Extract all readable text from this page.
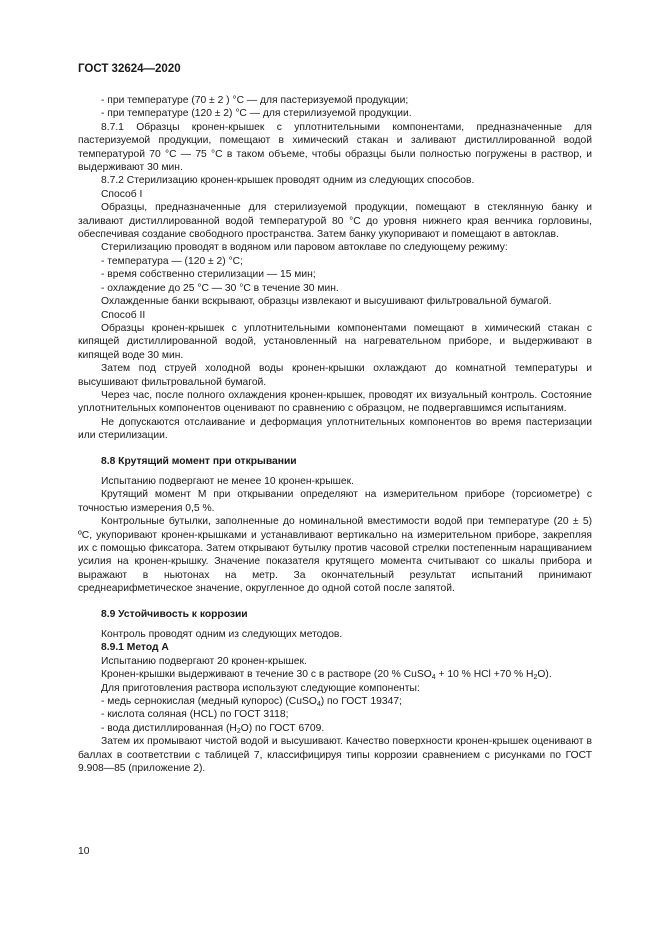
ГОСТ 32624—2020

- при температуре (70 ± 2 ) °С — для пастеризуемой продукции;

- при температуре (120 ± 2) °С — для стерилизуемой продукции.

8.7.1 Образцы кронен-крышек с уплотнительными компонентами, предназначенные для пастеризуемой продукции, помещают в химический стакан и заливают дистиллированной водой температурой 70 °С — 75 °С в таком объеме, чтобы образцы были полностью погружены в раствор, и выдерживают 30 мин.

8.7.2 Стерилизацию кронен-крышек проводят одним из следующих способов.

Способ I

Образцы, предназначенные для стерилизуемой продукции, помещают в стеклянную банку и заливают дистиллированной водой температурой 80 °С до уровня нижнего края венчика горловины, обеспечивая создание свободного пространства. Затем банку укупоривают и помещают в автоклав.

Стерилизацию проводят в водяном или паровом автоклаве по следующему режиму:

- температура — (120 ± 2) °С;

- время собственно стерилизации — 15 мин;

- охлаждение до 25 °С — 30 °С в течение 30 мин.

Охлажденные банки вскрывают, образцы извлекают и высушивают фильтровальной бумагой.

Способ II

Образцы кронен-крышек с уплотнительными компонентами помещают в химический стакан с кипящей дистиллированной водой, установленный на нагревательном приборе, и выдерживают в кипящей воде 30 мин.

Затем под струей холодной воды кронен-крышки охлаждают до комнатной температуры и высушивают фильтровальной бумагой.

Через час, после полного охлаждения кронен-крышек, проводят их визуальный контроль. Состояние уплотнительных компонентов оценивают по сравнению с образцом, не подвергавшимся испытаниям.

Не допускаются отслаивание и деформация уплотнительных компонентов во время пастеризации или стерилизации.

8.8 Крутящий момент при открывании

Испытанию подвергают не менее 10 кронен-крышек.

Крутящий момент М при открывании определяют на измерительном приборе (торсиометре) с точностью измерения 0,5 %.

Контрольные бутылки, заполненные до номинальной вместимости водой при температуре (20 ± 5) ºС, укупоривают кронен-крышками и устанавливают вертикально на измерительном приборе, закрепляя их с помощью фиксатора. Затем открывают бутылку против часовой стрелки постепенным наращиванием усилия на кронен-крышку. Значение показателя крутящего момента считывают со шкалы прибора и выражают в ньютонах на метр. За окончательный результат испытаний принимают среднеарифметическое значение, округленное до одной сотой после запятой.

8.9 Устойчивость к коррозии

Контроль проводят одним из следующих методов.

8.9.1 Метод А

Испытанию подвергают 20 кронен-крышек.

Кронен-крышки выдерживают в течение 30 с в растворе (20 % CuSO$_4$ + 10 % HCl +70 % $H_2O$).

Для приготовления раствора используют следующие компоненты:

- медь сернокислая (медный купорос) (CuSO$_4$) по ГОСТ 19347;

- кислота соляная (HCL) по ГОСТ 3118;

- вода дистиллированная $(H_2O)$ по ГОСТ 6709.

Затем их промывают чистой водой и высушивают. Качество поверхности кронен-крышек оценивают в баллах в соответствии с таблицей 7, классифицируя типы коррозии сравнением с рисунками по ГОСТ 9.908—85 (приложение 2).

10
